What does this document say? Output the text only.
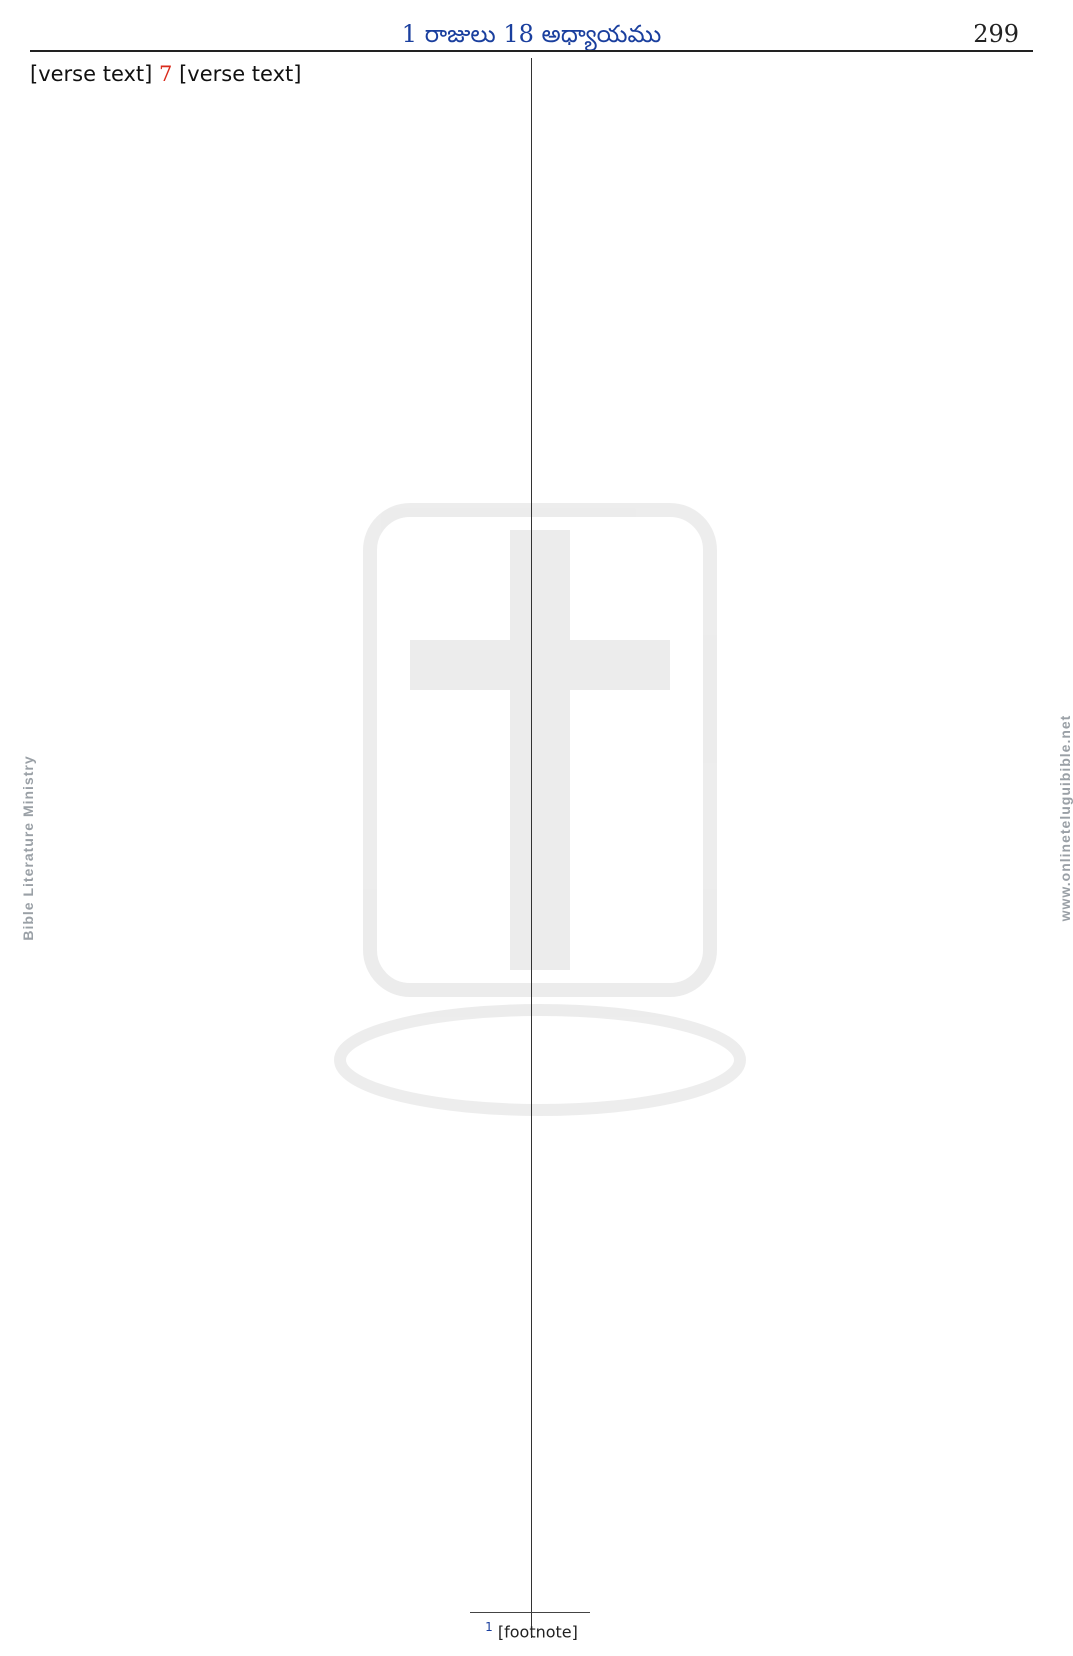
1 రాజులు 18 అధ్యాయము	299
[verse text] 7 [verse text]
Bible Literature Ministry	www.onlineteluguibible.net
$^1$ [footnote]
